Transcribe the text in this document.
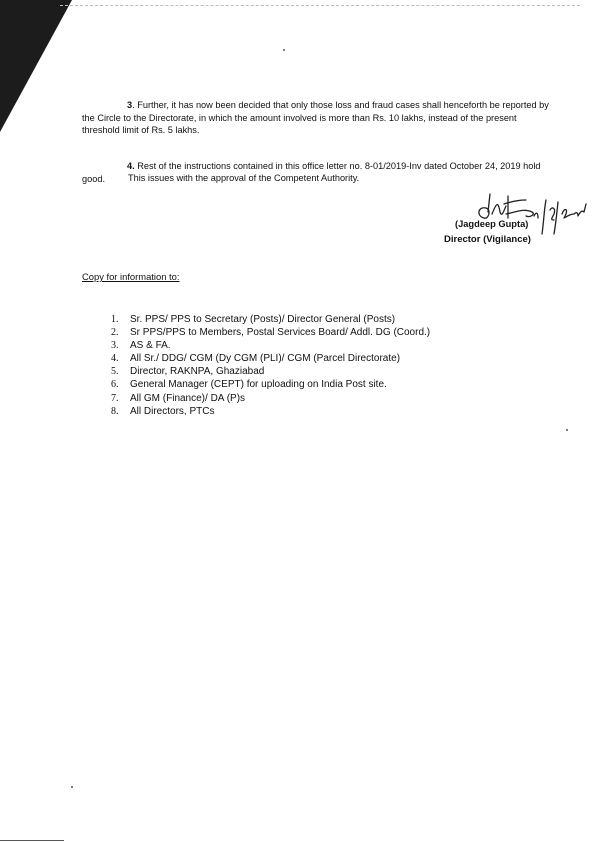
3. Further, it has now been decided that only those loss and fraud cases shall henceforth be reported by the Circle to the Directorate, in which the amount involved is more than Rs. 10 lakhs, instead of the present threshold limit of Rs. 5 lakhs.
4. Rest of the instructions contained in this office letter no. 8-01/2019-Inv dated October 24, 2019 hold good.	This issues with the approval of the Competent Authority.
(Jagdeep Gupta)
Director (Vigilance)
Copy for information to:
1. Sr. PPS/ PPS to Secretary (Posts)/ Director General (Posts)
2. Sr PPS/PPS to Members, Postal Services Board/ Addl. DG (Coord.)
3. AS & FA.
4. All Sr./ DDG/ CGM (Dy CGM (PLI)/ CGM (Parcel Directorate)
5. Director, RAKNPA, Ghaziabad
6. General Manager (CEPT) for uploading on India Post site.
7. All GM (Finance)/ DA (P)s
8. All Directors, PTCs
